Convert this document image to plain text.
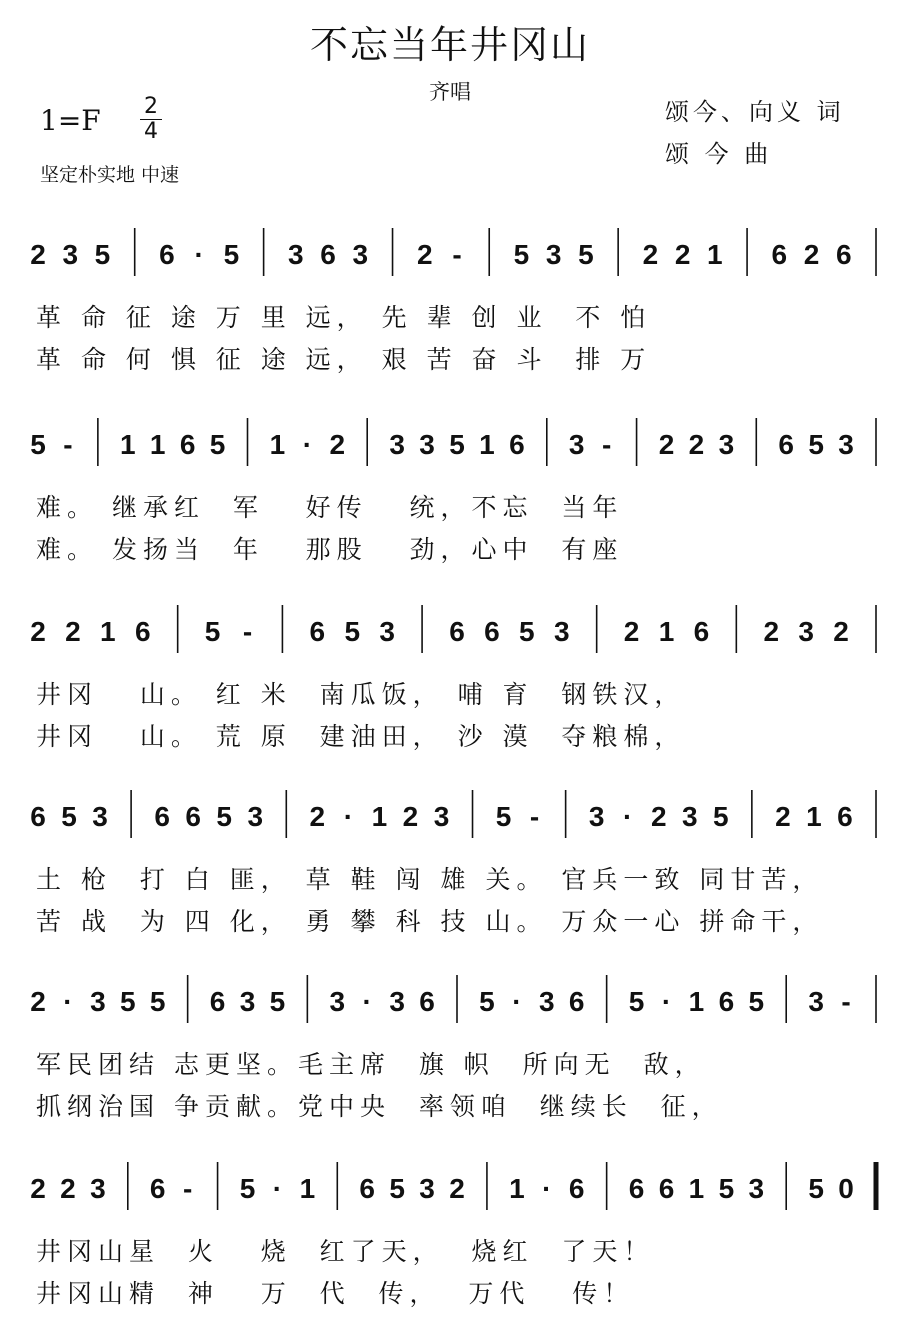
不忘当年井冈山
齐唱
1=F 2
4
坚定朴实地 中速
颂今、向义 词
颂 今 曲
2 3 5 6 · 5 3 6 3 2 - 5 3 5 2 2 1 6 2 6
革 命 征 途 万 里 远， 先 辈 创 业  不 怕
革 命 何 惧 征 途 远， 艰 苦 奋 斗  排 万
5 - 1 1 6 5 1 · 2 3 3 5 1 6 3 - 2 2 3 6 5 3
难。 继承红  军   好传   统，不忘  当年
难。 发扬当  年   那股   劲，心中  有座
2 2 1 6 5 - 6 5 3 6 6 5 3 2 1 6 2 3 2
井冈   山。 红 米  南瓜饭， 哺 育  钢铁汉，
井冈   山。 荒 原  建油田， 沙 漠  夺粮棉，
6 5 3 6 6 5 3 2 · 1 2 3 5 - 3 · 2 3 5 2 1 6
土 枪  打 白 匪， 草 鞋 闯 雄 关。 官兵一致 同甘苦，
苦 战  为 四 化， 勇 攀 科 技 山。 万众一心 拼命干，
2 · 3 5 5 6 3 5 3 · 3 6 5 · 3 6 5 · 1 6 5 3 -
军民团结 志更坚。毛主席  旗 帜  所向无  敌，
抓纲治国 争贡献。党中央  率领咱  继续长  征，
2 2 3 6 - 5 · 1 6 5 3 2 1 · 6 6 6 1 5 3 5 0
井冈山星  火   烧  红了天，  烧红  了天！
井冈山精  神   万  代  传，  万代   传！
